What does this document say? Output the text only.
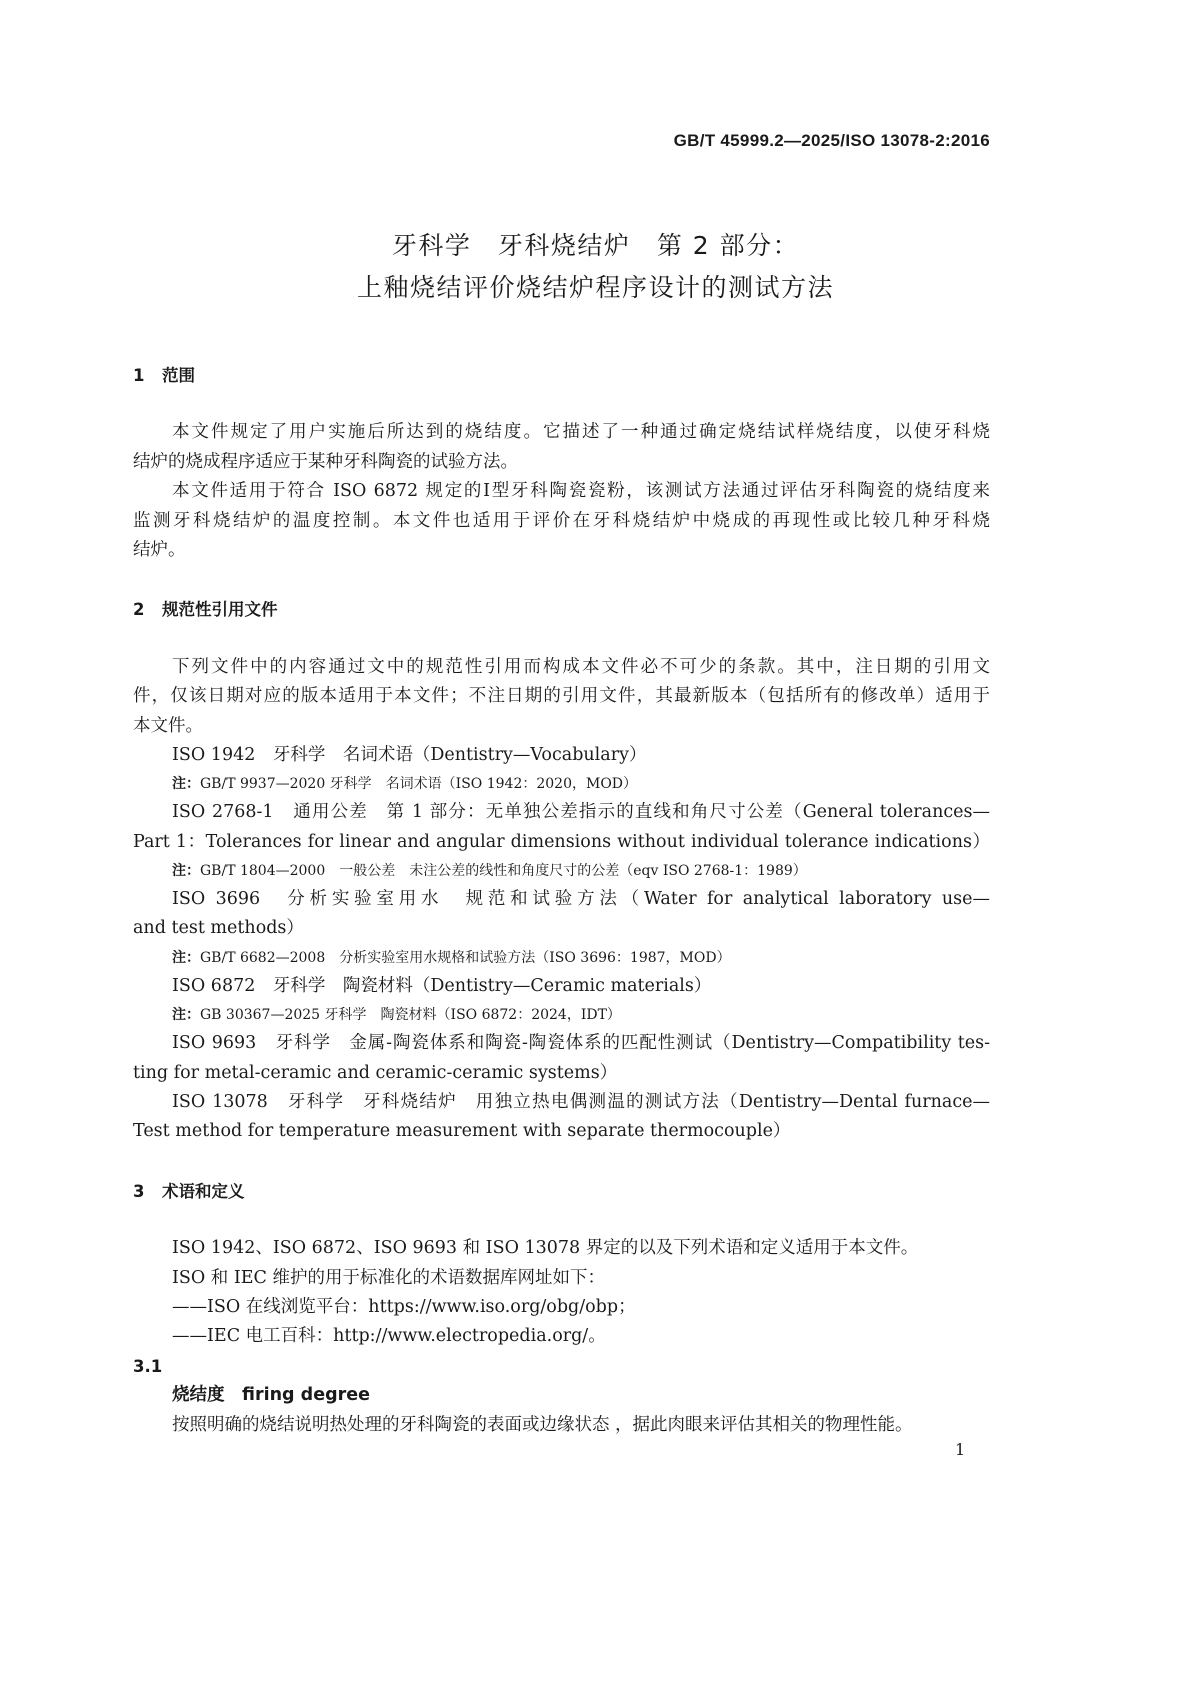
GB/T 45999.2—2025/ISO 13078-2:2016
牙科学　牙科烧结炉　第 2 部分：
上釉烧结评价烧结炉程序设计的测试方法
1 范围
本文件规定了用户实施后所达到的烧结度。它描述了一种通过确定烧结试样烧结度，以使牙科烧
结炉的烧成程序适应于某种牙科陶瓷的试验方法。
本文件适用于符合 ISO 6872 规定的Ⅰ型牙科陶瓷瓷粉，该测试方法通过评估牙科陶瓷的烧结度来
监测牙科烧结炉的温度控制。本文件也适用于评价在牙科烧结炉中烧成的再现性或比较几种牙科烧
结炉。
2 规范性引用文件
下列文件中的内容通过文中的规范性引用而构成本文件必不可少的条款。其中，注日期的引用文
件，仅该日期对应的版本适用于本文件；不注日期的引用文件，其最新版本（包括所有的修改单）适用于
本文件。
ISO 1942　牙科学　名词术语（Dentistry—Vocabulary）
注：GB/T 9937—2020 牙科学　名词术语（ISO 1942：2020，MOD）
ISO 2768-1　通用公差　第 1 部分：无单独公差指示的直线和角尺寸公差（General tolerances—
Part 1：Tolerances for linear and angular dimensions without individual tolerance indications）
注：GB/T 1804—2000　一般公差　未注公差的线性和角度尺寸的公差（eqv ISO 2768-1：1989）
ISO 3696　分析实验室用水　规范和试验方法（Water for analytical laboratory use—
and test methods）
注：GB/T 6682—2008　分析实验室用水规格和试验方法（ISO 3696：1987，MOD）
ISO 6872　牙科学　陶瓷材料（Dentistry—Ceramic materials）
注：GB 30367—2025 牙科学　陶瓷材料（ISO 6872：2024，IDT）
ISO 9693　牙科学　金属-陶瓷体系和陶瓷-陶瓷体系的匹配性测试（Dentistry—Compatibility tes-
ting for metal-ceramic and ceramic-ceramic systems）
ISO 13078　牙科学　牙科烧结炉　用独立热电偶测温的测试方法（Dentistry—Dental furnace—
Test method for temperature measurement with separate thermocouple）
3 术语和定义
ISO 1942、ISO 6872、ISO 9693 和 ISO 13078 界定的以及下列术语和定义适用于本文件。
ISO 和 IEC 维护的用于标准化的术语数据库网址如下：
——ISO 在线浏览平台：https://www.iso.org/obg/obp；
——IEC 电工百科：http://www.electropedia.org/。
3.1
烧结度　 firing degree
按照明确的烧结说明热处理的牙科陶瓷的表面或边缘状态 ，据此肉眼来评估其相关的物理性能。
1
